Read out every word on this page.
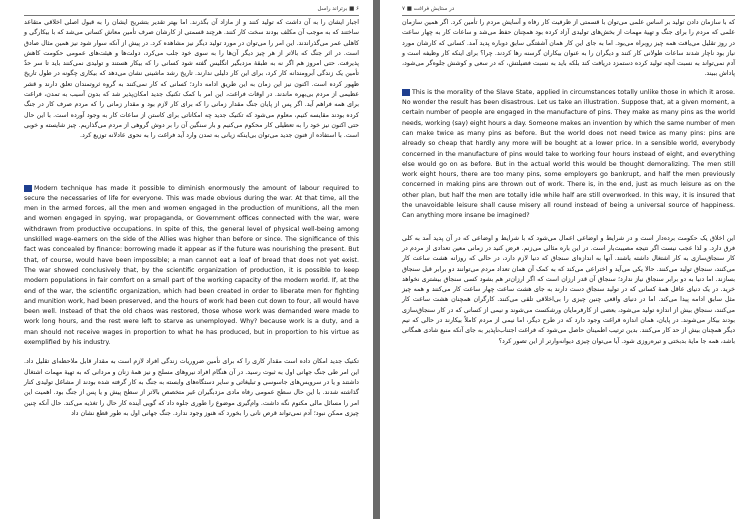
۶ ■ برتراند راسل

اجبار ایشان را به آن داشت که تولید کنند و از مازاد آن بگذرند. اما بهتر تقدیر بتشریح ایشان را به قبول اصلی اخلاقی متقاعد ساختند که به موجب آن مکلف بودند سخت کار کنند. هرچند قسمتی از کارشان صرف تأمین معاش کسانی می‌شد که با بیکارگی و کاهلی عمر می‌گذراندند. این امر را می‌توان در مورد تولید دیگر نیز مشاهده کرد. در پیش از آنکه سوار شود نیز همین مثال صادق است. در اثر جنگ که بالاتر از هر چیز دیگر آن‌ها را به سوی خود جلب می‌کرد، دولت‌ها و هیئت‌های عمومی حکومت کاهش پذیرفت. حتی امروز هم اگر نه به طبقهٔ مزدبگیر انگلیس گفته شود کسانی را که بیکار هستند و تولیدی نمی‌کنند باید تا سر حدّ تأمین یک زندگی آبرومندانه کار کرد، برای این کار دلیلی ندارند. تاریخ رشد ماشینی نشان می‌دهد که بیکاری چگونه در طول تاریخ ظهور کرده است. اکنون نیز این زمان به این طریق ادامه دارد؛ کسانی که کار نمی‌کنند به گروه ثروتمندان تعلق دارند و قشر عظیمی از مردم بی‌بهره ماندند. در اوقات فراغت، این امر با کمک تکنیک جدید امکان‌پذیر شد که بدون آسیب به تمدن، فراغت برای همه فراهم آید. اگر پس از پایان جنگ مقدار زمانی را که برای کار لازم بود و مقدار زمانی را که مردم صرف کار در جنگ کرده بودند مقایسه کنیم، معلوم می‌شود که تکنیک جدید چه امکاناتی برای کاستن از ساعات کار به وجود آورده است. با این حال حتی اکنون نیز خود را به تعطیلی کار محکوم می‌کنیم و بار سنگین آن را بر دوش گروهی از مردم می‌گذاریم. چیز شایسته و خوبی است. با استفاده از فنون جدید می‌توان بی‌اینکه زیانی به تمدن وارد آید فراغت را به نحوی عادلانه توزیع کرد.

Modern technique has made it possible to diminish enormously the amount of labour required to secure the necessaries of life for everyone. This was made obvious during the war. At that time, all the men in the armed forces, all the men and women engaged in the production of munitions, all the men and women engaged in spying, war propaganda, or Government offices connected with the war, were withdrawn from productive occupations. In spite of this, the general level of physical well-being among unskilled wage-earners on the side of the Allies was higher than before or since. The significance of this fact was concealed by finance: borrowing made it appear as if the future was nourishing the present. But that, of course, would have been impossible; a man cannot eat a loaf of bread that does not yet exist. The war showed conclusively that, by the scientific organization of production, it is possible to keep modern populations in fair comfort on a small part of the working capacity of the modern world. If, at the end of the war, the scientific organization, which had been created in order to liberate men for fighting and munition work, had been preserved, and the hours of work had been cut down to four, all would have been well. Instead of that the old chaos was restored, those whose work was demanded were made to work long hours, and the rest were left to starve as unemployed. Why? because work is a duty, and a man should not receive wages in proportion to what he has produced, but in proportion to his virtue as exemplified by his industry.

تکنیک جدید امکان داده است مقدار کاری را که برای تأمین ضروریات زندگی افراد لازم است به مقدار قابل ملاحظه‌ای تقلیل داد. این امر طی جنگ جهانی اول به ثبوت رسید. در آن هنگام افراد نیروهای مسلح و نیز همهٔ زنان و مردانی که به تهیهٔ مهمات اشتغال داشتند و یا در سرویس‌های جاسوسی و تبلیغاتی و سایر دستگاه‌های وابسته به جنگ به کار گرفته شده بودند از مشاغل تولیدی کنار گذاشته شدند. با این حال سطح عمومی رفاه مادی مزدبگیران غیر متخصص بالاتر از سطح پیش و یا پس از جنگ بود. اهمیت این امر را مسائل مالی مکتوم نگه داشت. وام‌گیری موضوع را طوری جلوه داد که گویی آینده کار حال را تغذیه می‌کند. حال آنکه چنین چیزی ممکن نبود؛ آدم نمی‌تواند قرص نانی را بخورد که هنوز وجود ندارد. جنگ جهانی اول به طور قطع نشان داد

در ستایش فراغت ■ ۷

که با سازمان دادن تولید بر اساس علمی می‌توان با قسمتی از ظرفیت کار رفاه و آسایش مردم را تأمین کرد. اگر همین سازمان علمی که مردم را برای جنگ و تهیهٔ مهمات از بخش‌های تولیدی آزاد کرده بود همچنان حفظ می‌شد و ساعات کار به چهار ساعت در روز تقلیل می‌یافت همه چیز روبراه می‌بود. اما به جای این کار همان آشفتگی سابق دوباره پدید آمد. کسانی که کارشان مورد نیاز بود ناچار شدند ساعات طولانی کار کنند و دیگران را به عنوان بیکاران گرسنه رها کردند. چرا؟ برای اینکه کار وظیفه است و آدم نمی‌تواند به نسبت آنچه تولید کرده دستمزد دریافت کند بلکه باید به نسبت فضیلتش، که در سعی و کوشش جلوه‌گر می‌شود، پاداش ببیند.

This is the morality of the Slave State, applied in circumstances totally unlike those in which it arose. No wonder the result has been disastrous. Let us take an illustration. Suppose that, at a given moment, a certain number of people are engaged in the manufacture of pins. They make as many pins as the world needs, working (say) eight hours a day. Someone makes an invention by which the same number of men can make twice as many pins as before. But the world does not need twice as many pins: pins are already so cheap that hardly any more will be bought at a lower price. In a sensible world, everybody concerned in the manufacture of pins would take to working four hours instead of eight, and everything else would go on as before. But in the actual world this would be thought demoralizing. The men still work eight hours, there are too many pins, some employers go bankrupt, and half the men previously concerned in making pins are thrown out of work. There is, in the end, just as much leisure as on the other plan, but half the men are totally idle while half are still overworked. In this way, it is insured that the unavoidable leisure shall cause misery all round instead of being a universal source of happiness. Can anything more insane be imagined?

این اخلاق یک حکومت برده‌دار است و در شرایط و اوضاعی اعمال می‌شود که با شرایط و اوضاعی که در آن پدید آمد به کلی فرق دارد. و لذا عجب نیست اگر نتیجه مصیبت‌بار است. در این باره مثالی می‌زنم. فرض کنید در زمانی معین تعدادی از مردم در کار سنجاق‌سازی به کار اشتغال داشته باشند. آنها به اندازه‌ای سنجاق که دنیا لازم دارد، در حالی که روزانه هشت ساعت کار می‌کنند، سنجاق تولید می‌کنند. حالا یکی می‌آید و اختراعی می‌کند که به کمک آن همان تعداد مردم می‌توانند دو برابر قبل سنجاق بسازند. اما دنیا به دو برابر سنجاق نیاز ندارد؛ سنجاق آن قدر ارزان است که اگر ارزان‌تر هم بشود کسی سنجاق بیشتری نخواهد خرید. در یک دنیای عاقل همهٔ کسانی که در تولید سنجاق دست دارند به جای هشت ساعت چهار ساعت کار می‌کنند و همه چیز مثل سابق ادامه پیدا می‌کند. اما در دنیای واقعی چنین چیزی را بی‌اخلاقی تلقی می‌کنند. کارگران همچنان هشت ساعت کار می‌کنند، سنجاق بیش از اندازه تولید می‌شود، بعضی از کارفرمایان ورشکست می‌شوند و نیمی از کسانی که در کار سنجاق‌سازی بودند بیکار می‌شوند. در پایان، همان اندازه فراغت وجود دارد که در طرح دیگر، اما نیمی از مردم کاملاً بیکارند در حالی که نیم دیگر همچنان بیش از حد کار می‌کنند. بدین ترتیب اطمینان حاصل می‌شود که فراغت اجتناب‌ناپذیر به جای آنکه منبع شادی همگانی باشد، همه جا مایهٔ بدبختی و تیره‌روزی شود. آیا می‌توان چیزی دیوانه‌وارتر از این تصور کرد؟
